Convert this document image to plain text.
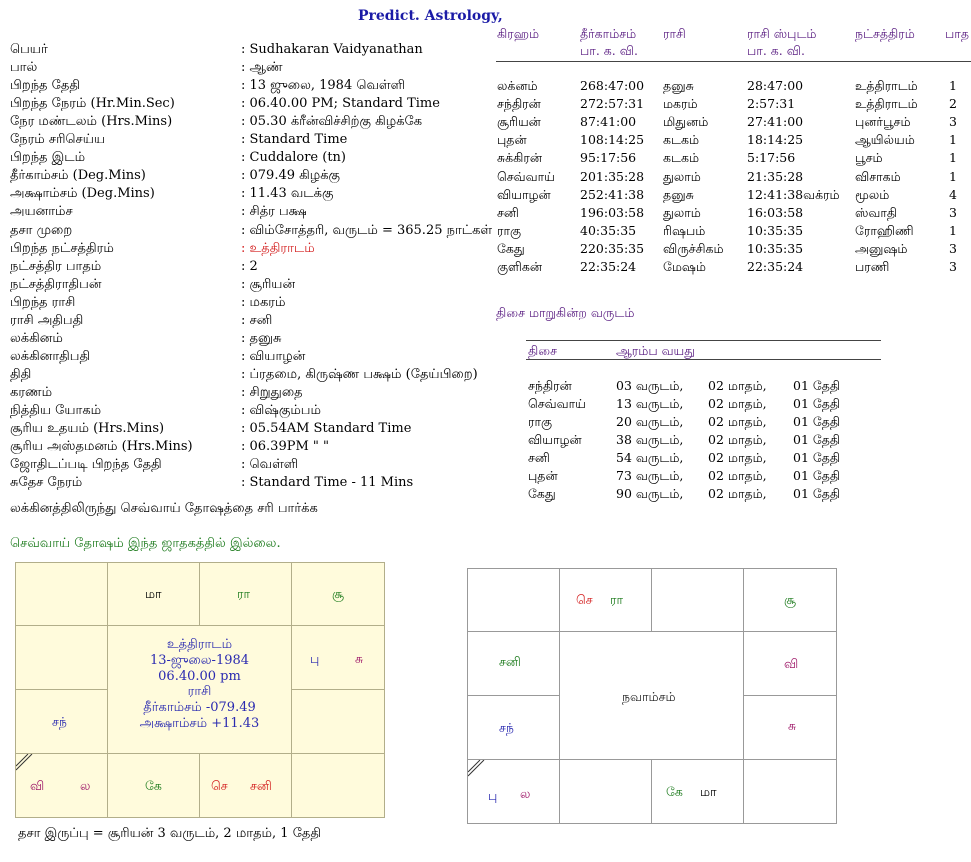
Predict. Astrology,
பெயர்	: Sudhakaran Vaidyanathan
பால்	: ஆண்
பிறந்த தேதி	: 13 ஜுலை, 1984 வெள்ளி
பிறந்த நேரம் (Hr.Min.Sec)	: 06.40.00 PM; Standard Time
நேர மண்டலம் (Hrs.Mins)	: 05.30 க்ரீன்விச்சிற்கு கிழக்கே
நேரம் சரிசெய்ய	: Standard Time
பிறந்த இடம்	: Cuddalore (tn)
தீர்காம்சம் (Deg.Mins)	: 079.49 கிழக்கு
அக்ஷாம்சம் (Deg.Mins)	: 11.43 வடக்கு
அயனாம்ச	: சித்ர பக்ஷ
தசா முறை	: விம்சோத்தரி, வருடம் = 365.25 நாட்கள்
பிறந்த நட்சத்திரம்	: உத்திராடம்
நட்சத்திர பாதம்	: 2
நட்சத்திராதிபன்	: சூரியன்
பிறந்த ராசி	: மகரம்
ராசி அதிபதி	: சனி
லக்கினம்	: தனுசு
லக்கினாதிபதி	: வியாழன்
திதி	: ப்ரதமை, கிருஷ்ண பக்ஷம் (தேய்பிறை)
கரணம்	: சிறுதுதை
நித்திய யோகம்	: விஷ்கும்பம்
சூரிய உதயம் (Hrs.Mins)	: 05.54AM Standard Time
சூரிய அஸ்தமனம் (Hrs.Mins)	: 06.39PM " "
ஜோதிடப்படி பிறந்த தேதி	: வெள்ளி
சுதேச நேரம்	: Standard Time - 11 Mins
லக்கினத்திலிருந்து செவ்வாய் தோஷத்தை சரி பார்க்க
செவ்வாய் தோஷம் இந்த ஜாதகத்தில் இல்லை.
கிரஹம்	தீர்காம்சம்
பா. க. வி.
ராசி	ராசி ஸ்புடம்
பா. க. வி.
நட்சத்திரம் பாத
லக்னம்	268:47:00 தனுசு	28:47:00	உத்திராடம்	1
சந்திரன்	272:57:31 மகரம்	2:57:31	உத்திராடம்	2
சூரியன்	87:41:00 மிதுனம்	27:41:00	புனர்பூசம்	3
புதன்	108:14:25 கடகம்	18:14:25	ஆயில்யம்	1
சுக்கிரன்	95:17:56 கடகம்	5:17:56	பூசம்	1
செவ்வாய் 201:35:28 துலாம்	21:35:28	விசாகம்	1
வியாழன் 252:41:38 தனுசு	12:41:38வக்ரம் மூலம்	4
சனி	196:03:58 துலாம்	16:03:58	ஸ்வாதி	3
ராகு	40:35:35 ரிஷபம்	10:35:35	ரோஹிணி	1
கேது	220:35:35 விருச்சிகம் 10:35:35	அனுஷம்	3
குளிகன்	22:35:24 மேஷம்	22:35:24	பரணி	3
திசை மாறுகின்ற வருடம்
திசை	ஆரம்ப வயது
சந்திரன்	03 வருடம், 02 மாதம், 01 தேதி
செவ்வாய் 13 வருடம், 02 மாதம், 01 தேதி
ராகு	20 வருடம், 02 மாதம், 01 தேதி
வியாழன்	38 வருடம், 02 மாதம், 01 தேதி
சனி	54 வருடம், 02 மாதம், 01 தேதி
புதன்	73 வருடம், 02 மாதம், 01 தேதி
கேது	90 வருடம், 02 மாதம், 01 தேதி
மா	ரா	சூ
பு	சு
சந்
உத்திராடம்
13-ஜுலை-1984
06.40.00 pm
ராசி
தீர்காம்சம் -079.49
அக்ஷாம்சம் +11.43
வி	ல	கே	செ சனி
தசா இருப்பு = சூரியன் 3 வருடம், 2 மாதம், 1 தேதி
செ ரா	சூ
சனி	வி
சந்	சு
நவாம்சம்
பு ல	கே மா
